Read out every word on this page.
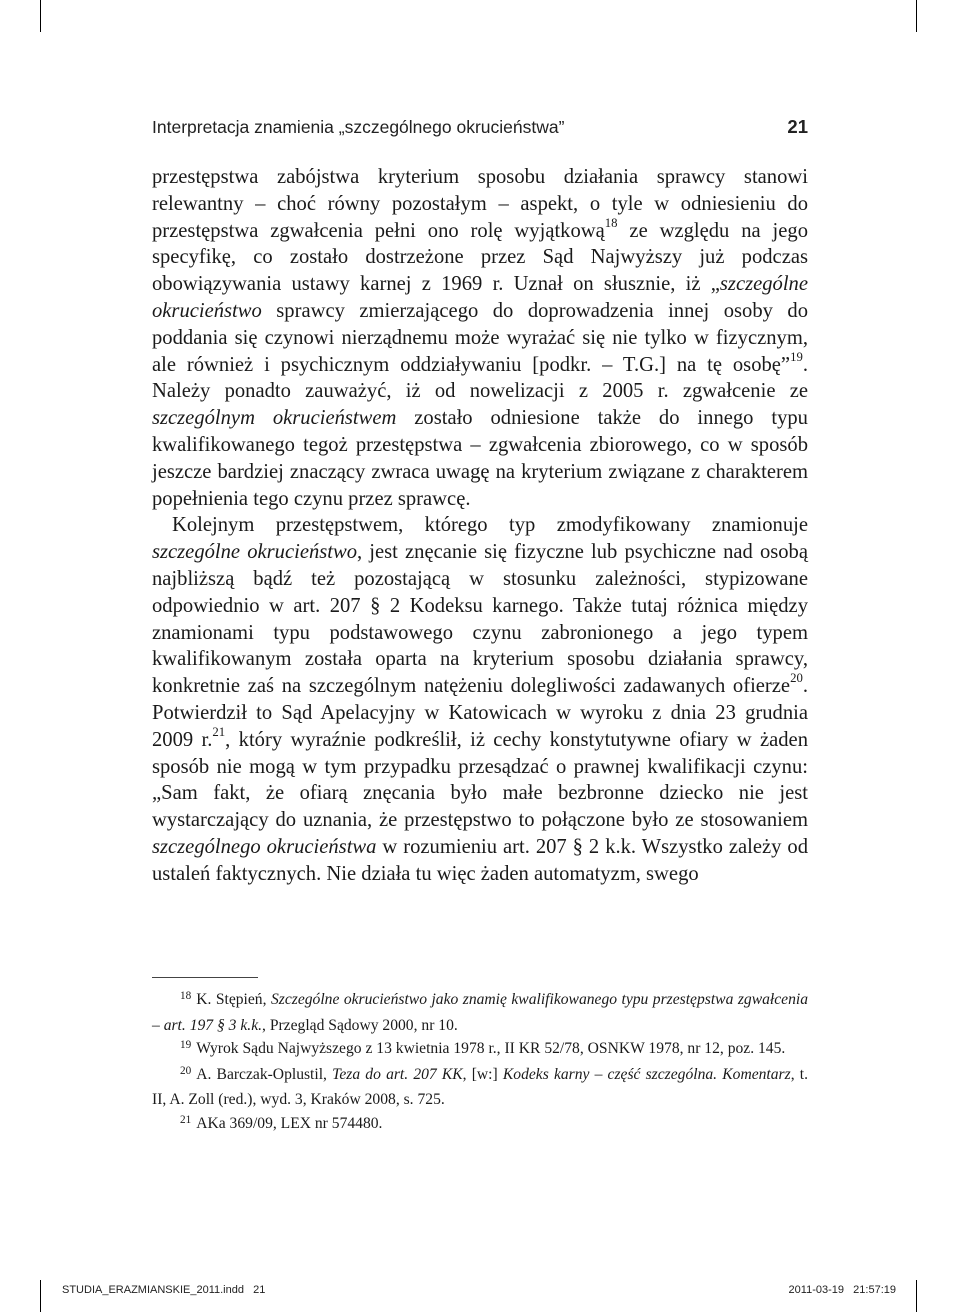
Interpretacja znamienia „szczególnego okrucieństwa”	21

przestępstwa zabójstwa kryterium sposobu działania sprawcy stanowi relewantny – choć równy pozostałym – aspekt, o tyle w odniesieniu do przestępstwa zgwałcenia pełni ono rolę wyjątkową$^{18}$ ze względu na jego specyfikę, co zostało dostrzeżone przez Sąd Najwyższy już podczas obowiązywania ustawy karnej z 1969 r. Uznał on słusznie, iż „szczególne okrucieństwo sprawcy zmierzającego do doprowadzenia innej osoby do poddania się czynowi nierządnemu może wyrażać się nie tylko w fizycznym, ale również i psychicznym oddziaływaniu [podkr. – T.G.] na tę osobę”$^{19}$. Należy ponadto zauważyć, iż od nowelizacji z 2005 r. zgwałcenie ze szczególnym okrucieństwem zostało odniesione także do innego typu kwalifikowanego tegoż przestępstwa – zgwałcenia zbiorowego, co w sposób jeszcze bardziej znaczący zwraca uwagę na kryterium związane z charakterem popełnienia tego czynu przez sprawcę.

Kolejnym przestępstwem, którego typ zmodyfikowany znamionuje szczególne okrucieństwo, jest znęcanie się fizyczne lub psychiczne nad osobą najbliższą bądź też pozostającą w stosunku zależności, stypizowane odpowiednio w art. 207 § 2 Kodeksu karnego. Także tutaj różnica między znamionami typu podstawowego czynu zabronionego a jego typem kwalifikowanym została oparta na kryterium sposobu działania sprawcy, konkretnie zaś na szczególnym natężeniu dolegliwości zadawanych ofierze$^{20}$. Potwierdził to Sąd Apelacyjny w Katowicach w wyroku z dnia 23 grudnia 2009 r.$^{21}$, który wyraźnie podkreślił, iż cechy konstytutywne ofiary w żaden sposób nie mogą w tym przypadku przesądzać o prawnej kwalifikacji czynu: „Sam fakt, że ofiarą znęcania było małe bezbronne dziecko nie jest wystarczający do uznania, że przestępstwo to połączone było ze stosowaniem szczególnego okrucieństwa w rozumieniu art. 207 § 2 k.k. Wszystko zależy od ustaleń faktycznych. Nie działa tu więc żaden automatyzm, swego

$^{18}$ K. Stępień, Szczególne okrucieństwo jako znamię kwalifikowanego typu przestępstwa zgwałcenia – art. 197 § 3 k.k., Przegląd Sądowy 2000, nr 10.

$^{19}$ Wyrok Sądu Najwyższego z 13 kwietnia 1978 r., II KR 52/78, OSNKW 1978, nr 12, poz. 145.

$^{20}$ A. Barczak-Oplustil, Teza do art. 207 KK, [w:] Kodeks karny – część szczególna. Komentarz, t. II, A. Zoll (red.), wyd. 3, Kraków 2008, s. 725.

$^{21}$ AKa 369/09, LEX nr 574480.

STUDIA_ERAZMIANSKIE_2011.indd   21	2011-03-19   21:57:19
